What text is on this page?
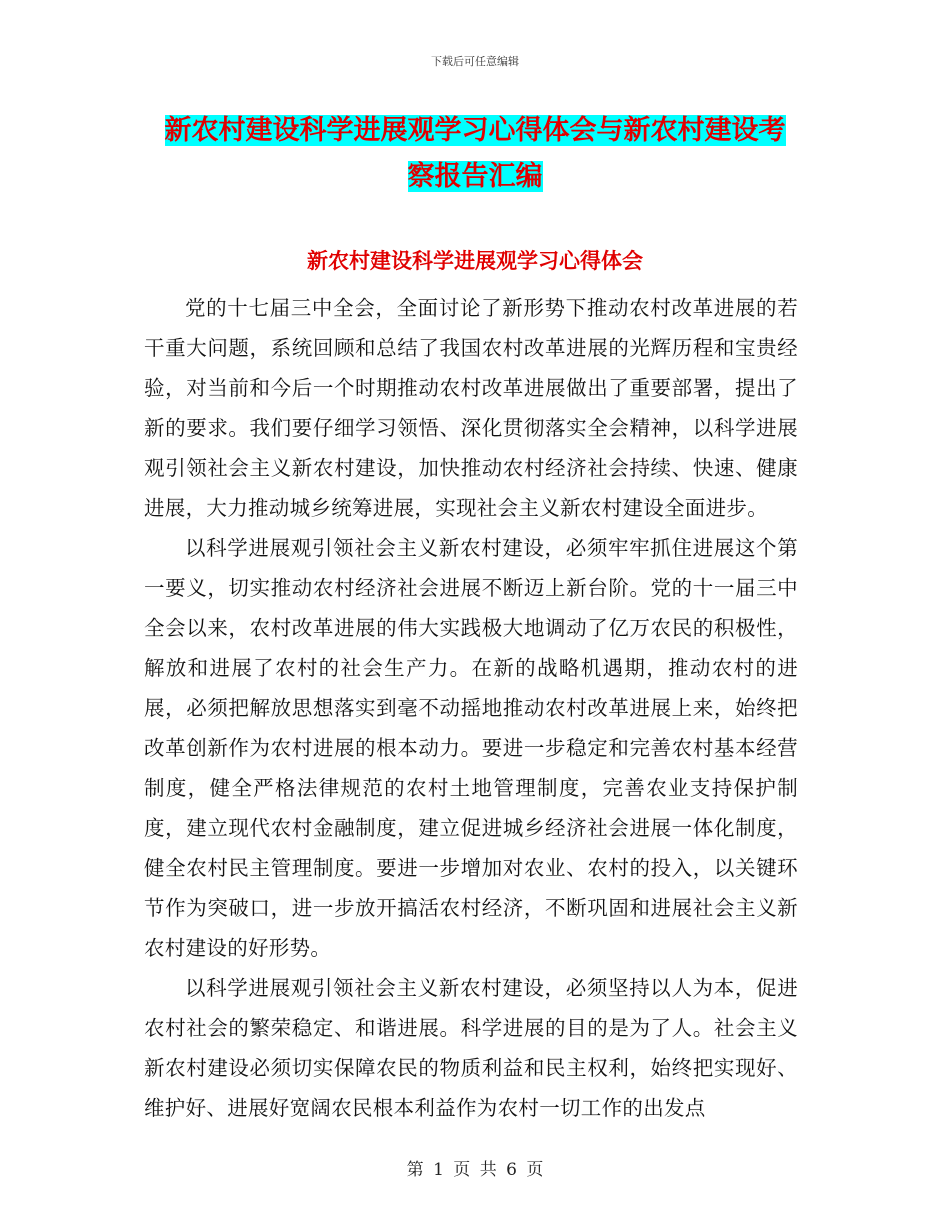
下载后可任意编辑
新农村建设科学进展观学习心得体会与新农村建设考
察报告汇编
新农村建设科学进展观学习心得体会

党的十七届三中全会，全面讨论了新形势下推动农村改革进展的若干重大问题，系统回顾和总结了我国农村改革进展的光辉历程和宝贵经验，对当前和今后一个时期推动农村改革进展做出了重要部署，提出了新的要求。我们要仔细学习领悟、深化贯彻落实全会精神，以科学进展观引领社会主义新农村建设，加快推动农村经济社会持续、快速、健康进展，大力推动城乡统筹进展，实现社会主义新农村建设全面进步。

以科学进展观引领社会主义新农村建设，必须牢牢抓住进展这个第一要义，切实推动农村经济社会进展不断迈上新台阶。党的十一届三中全会以来，农村改革进展的伟大实践极大地调动了亿万农民的积极性，解放和进展了农村的社会生产力。在新的战略机遇期，推动农村的进展，必须把解放思想落实到毫不动摇地推动农村改革进展上来，始终把改革创新作为农村进展的根本动力。要进一步稳定和完善农村基本经营制度，健全严格法律规范的农村土地管理制度，完善农业支持保护制度，建立现代农村金融制度，建立促进城乡经济社会进展一体化制度，健全农村民主管理制度。要进一步增加对农业、农村的投入，以关键环节作为突破口，进一步放开搞活农村经济，不断巩固和进展社会主义新农村建设的好形势。

以科学进展观引领社会主义新农村建设，必须坚持以人为本，促进农村社会的繁荣稳定、和谐进展。科学进展的目的是为了人。社会主义新农村建设必须切实保障农民的物质利益和民主权利，始终把实现好、维护好、进展好宽阔农民根本利益作为农村一切工作的出发点

第 1 页 共 6 页
